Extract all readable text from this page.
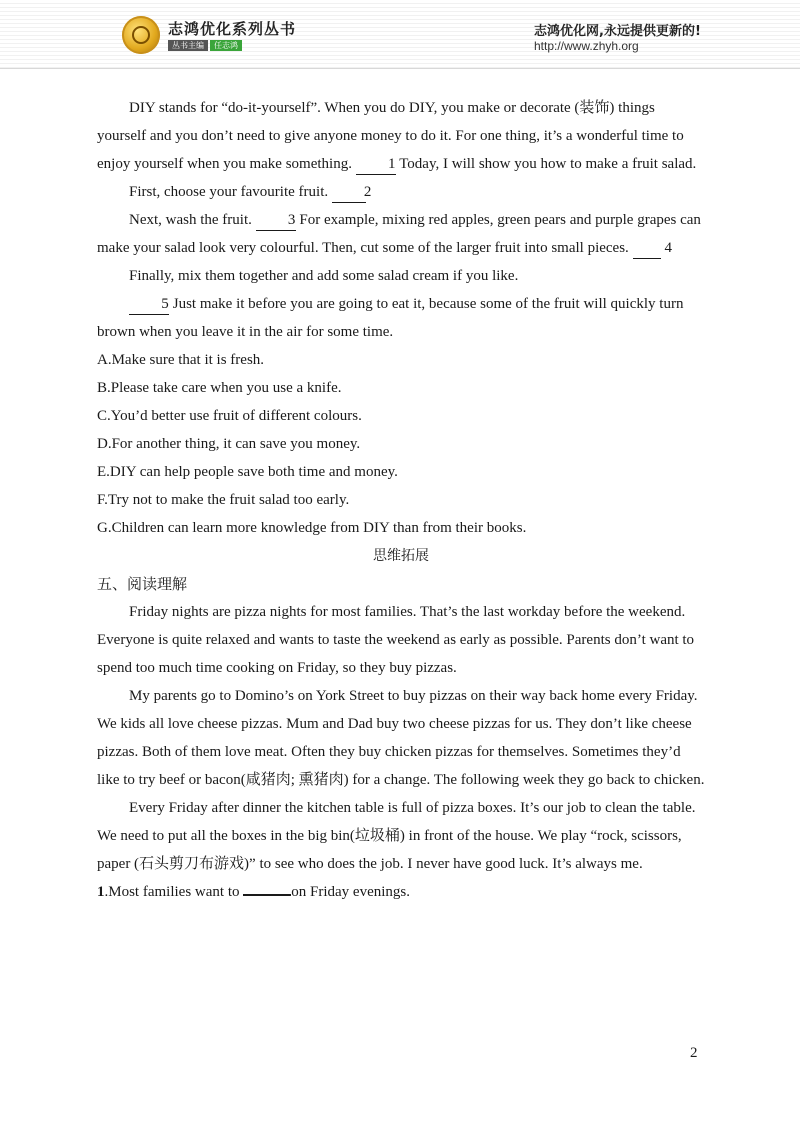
志鸿优化系列丛书
丛书主编	任志鸿
志鸿优化网,永远提供更新的!
http://www.zhyh.org

DIY stands for “do-it-yourself”. When you do DIY, you make or decorate (装饰) things yourself and you don’t need to give anyone money to do it. For one thing, it’s a wonderful time to enjoy yourself when you make something. 1 Today, I will show you how to make a fruit salad.

First, choose your favourite fruit. 2

Next, wash the fruit. 3 For example, mixing red apples, green pears and purple grapes can make your salad look very colourful. Then, cut some of the larger fruit into small pieces. 4

Finally, mix them together and add some salad cream if you like.

5 Just make it before you are going to eat it, because some of the fruit will quickly turn brown when you leave it in the air for some time.

A.Make sure that it is fresh.

B.Please take care when you use a knife.

C.You’d better use fruit of different colours.

D.For another thing, it can save you money.

E.DIY can help people save both time and money.

F.Try not to make the fruit salad too early.

G.Children can learn more knowledge from DIY than from their books.

思维拓展

五、阅读理解

Friday nights are pizza nights for most families. That’s the last workday before the weekend. Everyone is quite relaxed and wants to taste the weekend as early as possible. Parents don’t want to spend too much time cooking on Friday, so they buy pizzas.

My parents go to Domino’s on York Street to buy pizzas on their way back home every Friday. We kids all love cheese pizzas. Mum and Dad buy two cheese pizzas for us. They don’t like cheese pizzas. Both of them love meat. Often they buy chicken pizzas for themselves. Sometimes they’d like to try beef or bacon(咸猪肉; 熏猪肉) for a change. The following week they go back to chicken.

Every Friday after dinner the kitchen table is full of pizza boxes. It’s our job to clean the table. We need to put all the boxes in the big bin(垃圾桶) in front of the house. We play “rock, scissors, paper (石头剪刀布游戏)” to see who does the job. I never have good luck. It’s always me.

1.Most families want to	on Friday evenings.

2
